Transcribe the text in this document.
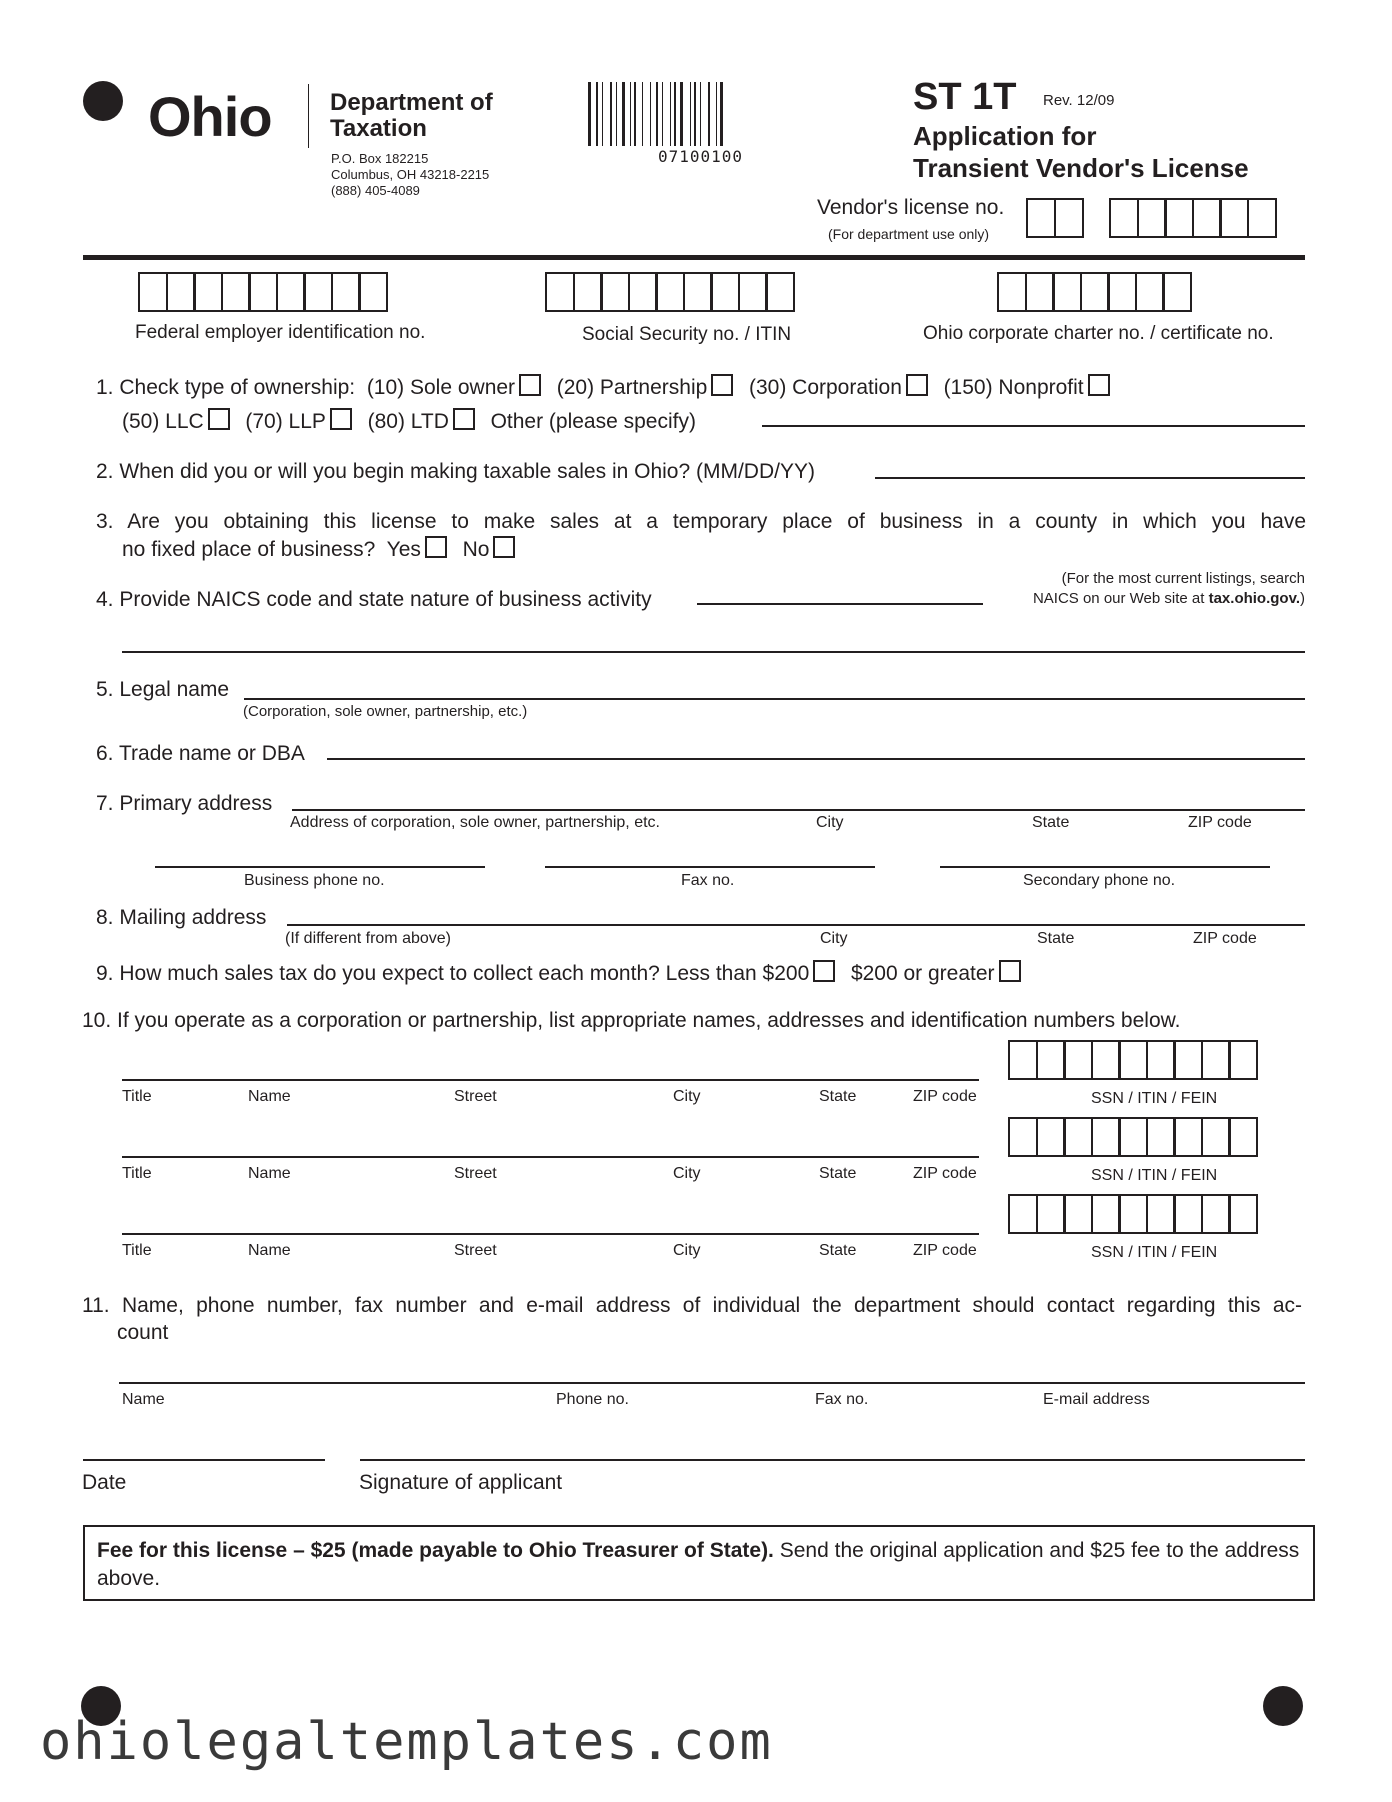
Ohio Department of
Taxation
P.O. Box 182215
Columbus, OH 43218-2215
(888) 405-4089
07100100
ST 1T Rev. 12/09
Application for
Transient Vendor's License
Vendor's license no.
(For department use only)
Federal employer identification no.	Social Security no. / ITIN	Ohio corporate charter no. / certificate no.
1. Check type of ownership: (10) Sole owner (20) Partnership (30) Corporation (150) Nonprofit
(50) LLC (70) LLP (80) LTD Other (please specify)
2. When did you or will you begin making taxable sales in Ohio? (MM/DD/YY)
3. Are you obtaining this license to make sales at a temporary place of business in a county in which you have
no fixed place of business? Yes No
4. Provide NAICS code and state nature of business activity
(For the most current listings, search
NAICS on our Web site at tax.ohio.gov.)
5. Legal name
(Corporation, sole owner, partnership, etc.)
6. Trade name or DBA
7. Primary address
Address of corporation, sole owner, partnership, etc.	City	State	ZIP code
Business phone no.	Fax no.	Secondary phone no.
8. Mailing address
(If different from above)	City	State	ZIP code
9. How much sales tax do you expect to collect each month? Less than $200 $200 or greater
10. If you operate as a corporation or partnership, list appropriate names, addresses and identification numbers below.
Title	Name	Street	City	State	ZIP code	SSN / ITIN / FEIN
Title	Name	Street	City	State	ZIP code	SSN / ITIN / FEIN
Title	Name	Street	City	State	ZIP code	SSN / ITIN / FEIN
11. Name, phone number, fax number and e-mail address of individual the department should contact regarding this ac-
count
Name	Phone no.	Fax no.	E-mail address
Date	Signature of applicant
Fee for this license – $25 (made payable to Ohio Treasurer of State). Send the original application and $25 fee to the address above.
ohiolegaltemplates.com
